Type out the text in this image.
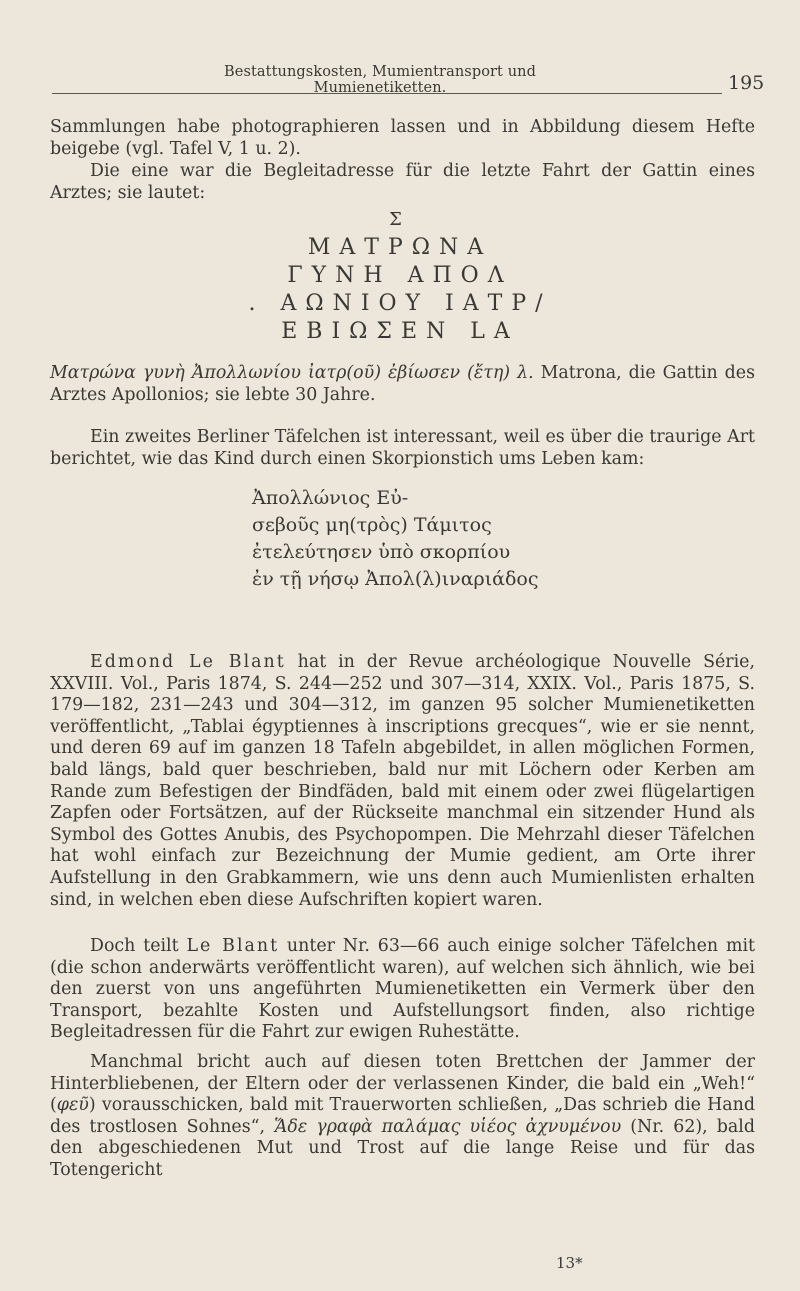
Bestattungskosten, Mumientransport und Mumienetiketten.	195
Sammlungen habe photographieren lassen und in Abbildung diesem Hefte beigebe (vgl. Tafel V, 1 u. 2).
Die eine war die Begleitadresse für die letzte Fahrt der Gattin eines Arztes; sie lautet:
Σ
ΜΑΤΡΩΝΑ
ΓΥΝΗ ΑΠΟΛ
. ΑΩΝΙΟΥ ΙΑΤΡ/
ΕΒΙΩΣΕΝ LΑ
Ματρώνα γυνὴ Ἀπολλωνίου ἰατρ(οῦ) ἐβίωσεν (ἔτη) λ. Matrona, die Gattin des Arztes Apollonios; sie lebte 30 Jahre.
Ein zweites Berliner Täfelchen ist interessant, weil es über die traurige Art berichtet, wie das Kind durch einen Skorpionstich ums Leben kam:
Ἀπολλώνιος Εὐ-
σεβοῦς μη(τρὸς) Τάμιτος
ἐτελεύτησεν ὑπὸ σκορπίου
ἐν τῇ νήσῳ Ἀπολ(λ)ιναριάδος
Edmond Le Blant hat in der Revue archéologique Nouvelle Série, XXVIII. Vol., Paris 1874, S. 244—252 und 307—314, XXIX. Vol., Paris 1875, S. 179—182, 231—243 und 304—312, im ganzen 95 solcher Mumienetiketten veröffentlicht, „Tablai égyptiennes à inscriptions grecques“, wie er sie nennt, und deren 69 auf im ganzen 18 Tafeln abgebildet, in allen möglichen Formen, bald längs, bald quer beschrieben, bald nur mit Löchern oder Kerben am Rande zum Befestigen der Bindfäden, bald mit einem oder zwei flügelartigen Zapfen oder Fortsätzen, auf der Rückseite manchmal ein sitzender Hund als Symbol des Gottes Anubis, des Psychopompen. Die Mehrzahl dieser Täfelchen hat wohl einfach zur Bezeichnung der Mumie gedient, am Orte ihrer Aufstellung in den Grabkammern, wie uns denn auch Mumienlisten erhalten sind, in welchen eben diese Aufschriften kopiert waren.
Doch teilt Le Blant unter Nr. 63—66 auch einige solcher Täfelchen mit (die schon anderwärts veröffentlicht waren), auf welchen sich ähnlich, wie bei den zuerst von uns angeführten Mumienetiketten ein Vermerk über den Transport, bezahlte Kosten und Aufstellungsort finden, also richtige Begleitadressen für die Fahrt zur ewigen Ruhestätte.
Manchmal bricht auch auf diesen toten Brettchen der Jammer der Hinterbliebenen, der Eltern oder der verlassenen Kinder, die bald ein „Weh!“ (φεῦ) vorausschicken, bald mit Trauerworten schließen, „Das schrieb die Hand des trostlosen Sohnes“, Ἅδε γραφὰ παλάμας υἱέος ἀχνυμένου (Nr. 62), bald den abgeschiedenen Mut und Trost auf die lange Reise und für das Totengericht
13*
